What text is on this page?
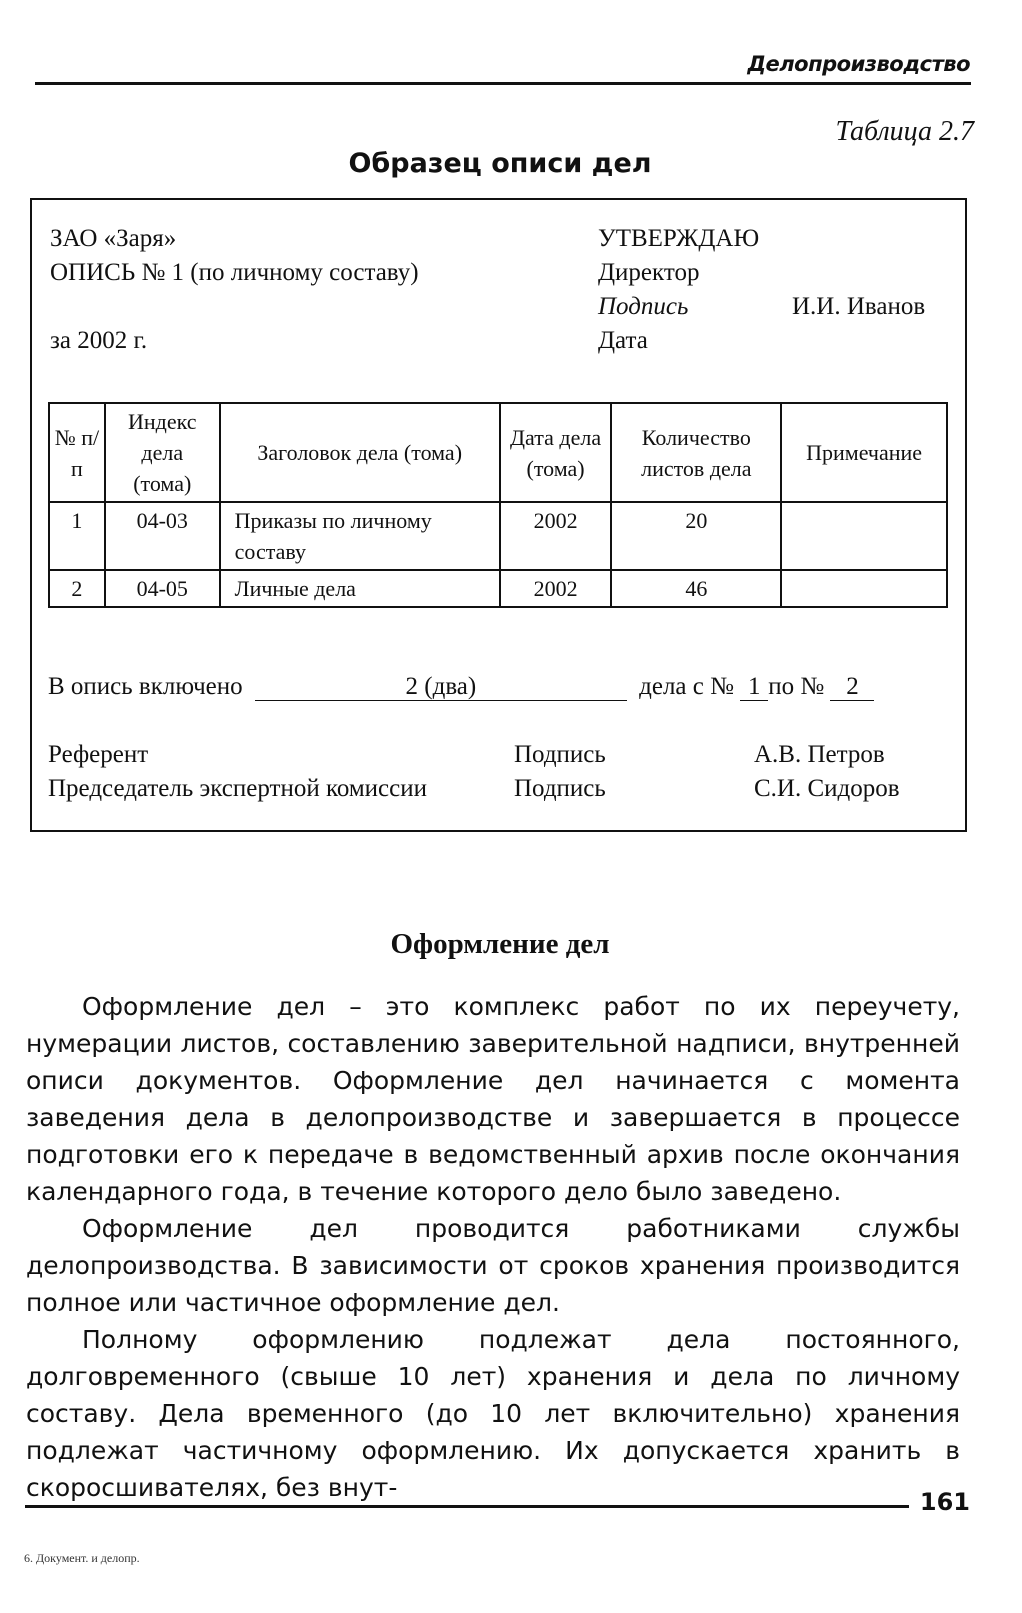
Делопроизводство
Таблица 2.7
Образец описи дел
ЗАО «Заря»
ОПИСЬ № 1 (по личному составу)
за 2002 г.
УТВЕРЖДАЮ
Директор
Подпись	И.И. Иванов
Дата
№ п/п	Индекс дела (тома)	Заголовок дела (тома)	Дата дела (тома)	Количество листов дела	Примечание
1	04-03	Приказы по личному составу	2002	20	
2	04-05	Личные дела	2002	46	
В опись включено	2 (два)	дела с № 1 по № 2
Референт	Подпись	А.В. Петров
Председатель экспертной комиссии	Подпись	С.И. Сидоров
Оформление дел
Оформление дел – это комплекс работ по их переучету, нумерации листов, составлению заверительной надписи, внутренней описи документов. Оформление дел начинается с момента заведения дела в делопроизводстве и завершается в процессе подготовки его к передаче в ведомственный архив после окончания календарного года, в течение которого дело было заведено.
Оформление дел проводится работниками службы делопроизводства. В зависимости от сроков хранения производится полное или частичное оформление дел.
Полному оформлению подлежат дела постоянного, долговременного (свыше 10 лет) хранения и дела по личному составу. Дела временного (до 10 лет включительно) хранения подлежат частичному оформлению. Их допускается хранить в скоросшивателях, без внут-	161
6. Документ. и делопр.
